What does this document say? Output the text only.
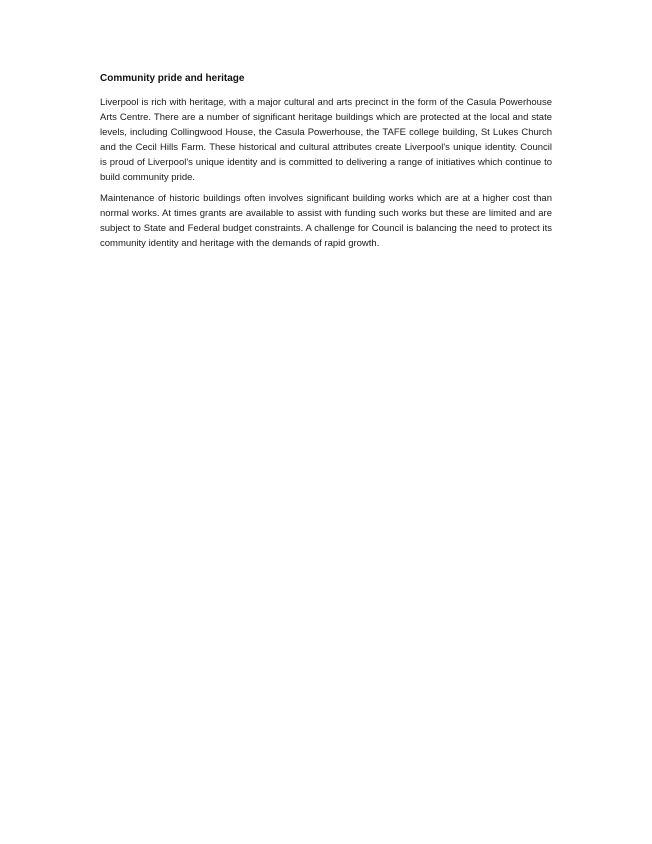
Community pride and heritage

Liverpool is rich with heritage, with a major cultural and arts precinct in the form of the Casula Powerhouse Arts Centre. There are a number of significant heritage buildings which are protected at the local and state levels, including Collingwood House, the Casula Powerhouse, the TAFE college building, St Lukes Church and the Cecil Hills Farm. These historical and cultural attributes create Liverpool's unique identity. Council is proud of Liverpool's unique identity and is committed to delivering a range of initiatives which continue to build community pride.

Maintenance of historic buildings often involves significant building works which are at a higher cost than normal works. At times grants are available to assist with funding such works but these are limited and are subject to State and Federal budget constraints. A challenge for Council is balancing the need to protect its community identity and heritage with the demands of rapid growth.
